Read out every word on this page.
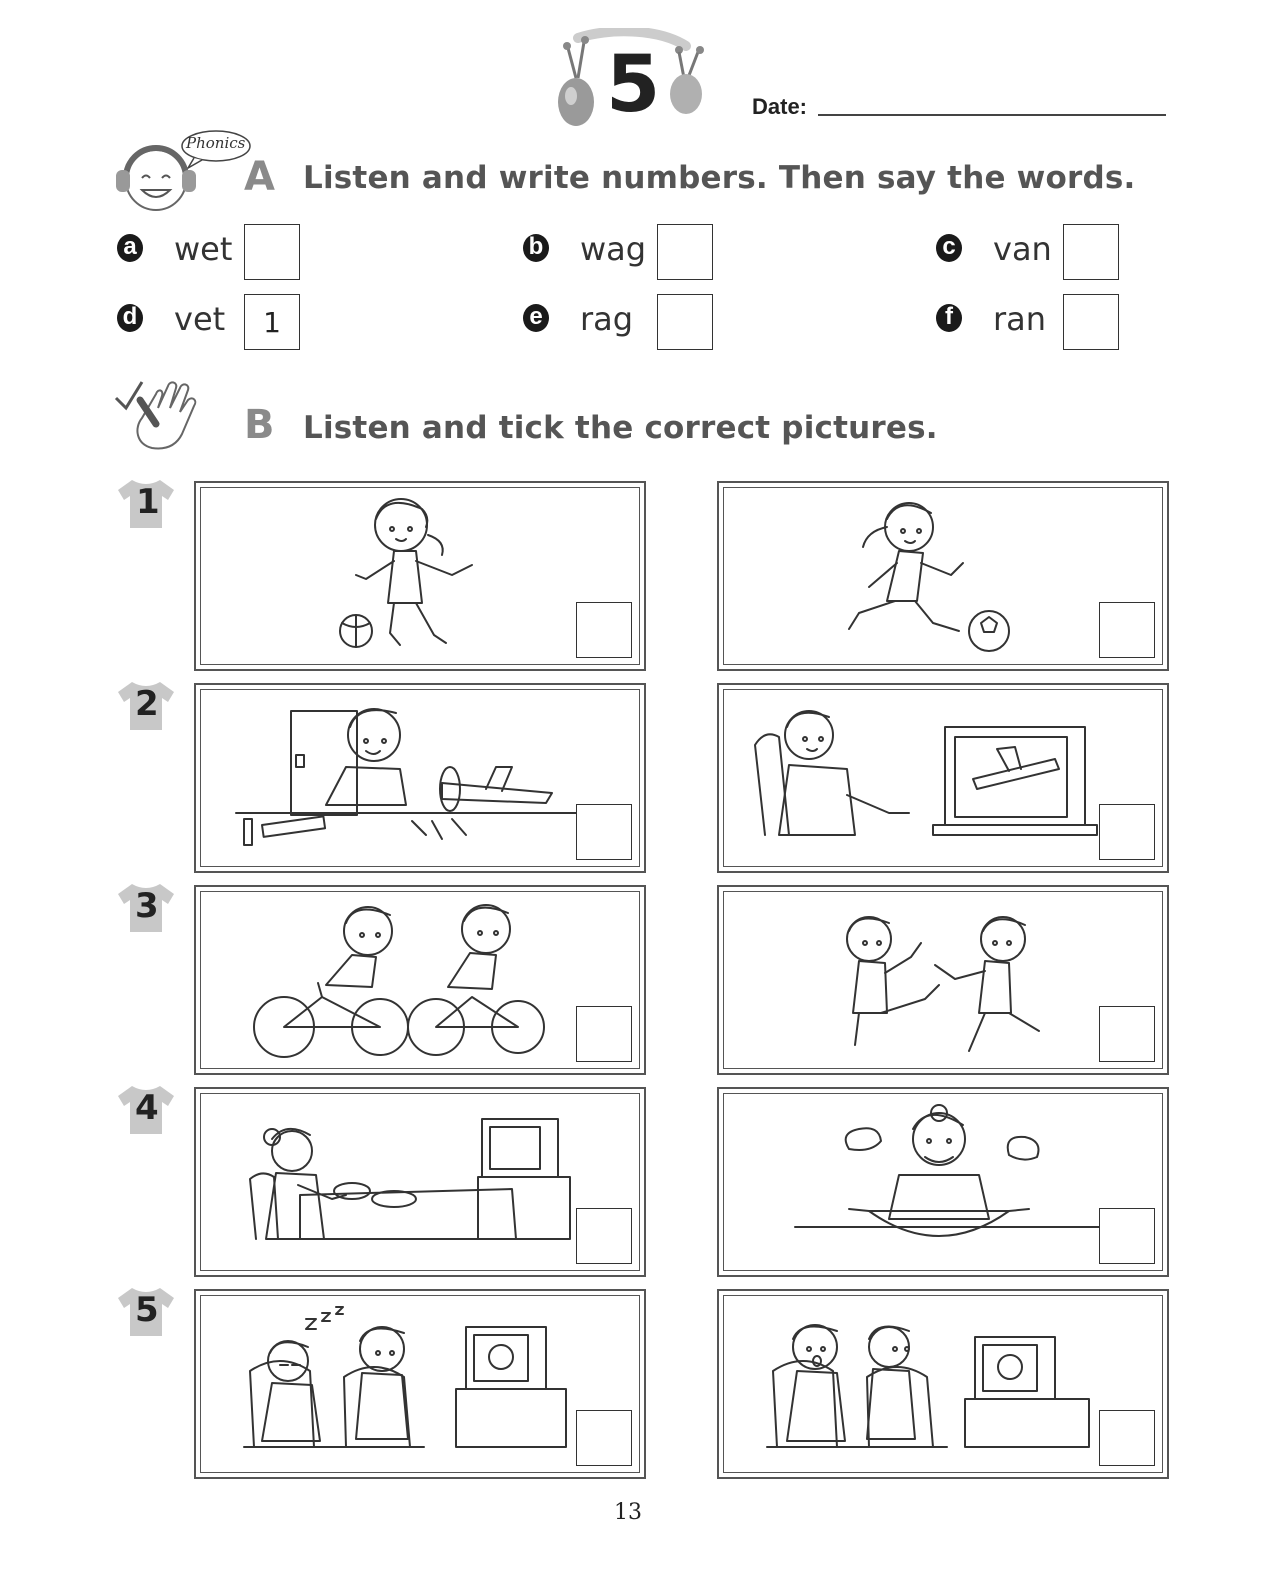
5	Date:
Phonics
A Listen and write numbers. Then say the words.
a wet	b wag	c van
d vet	1	e rag	f ran
B Listen and tick the correct pictures.
1
2
3
4
5
13
